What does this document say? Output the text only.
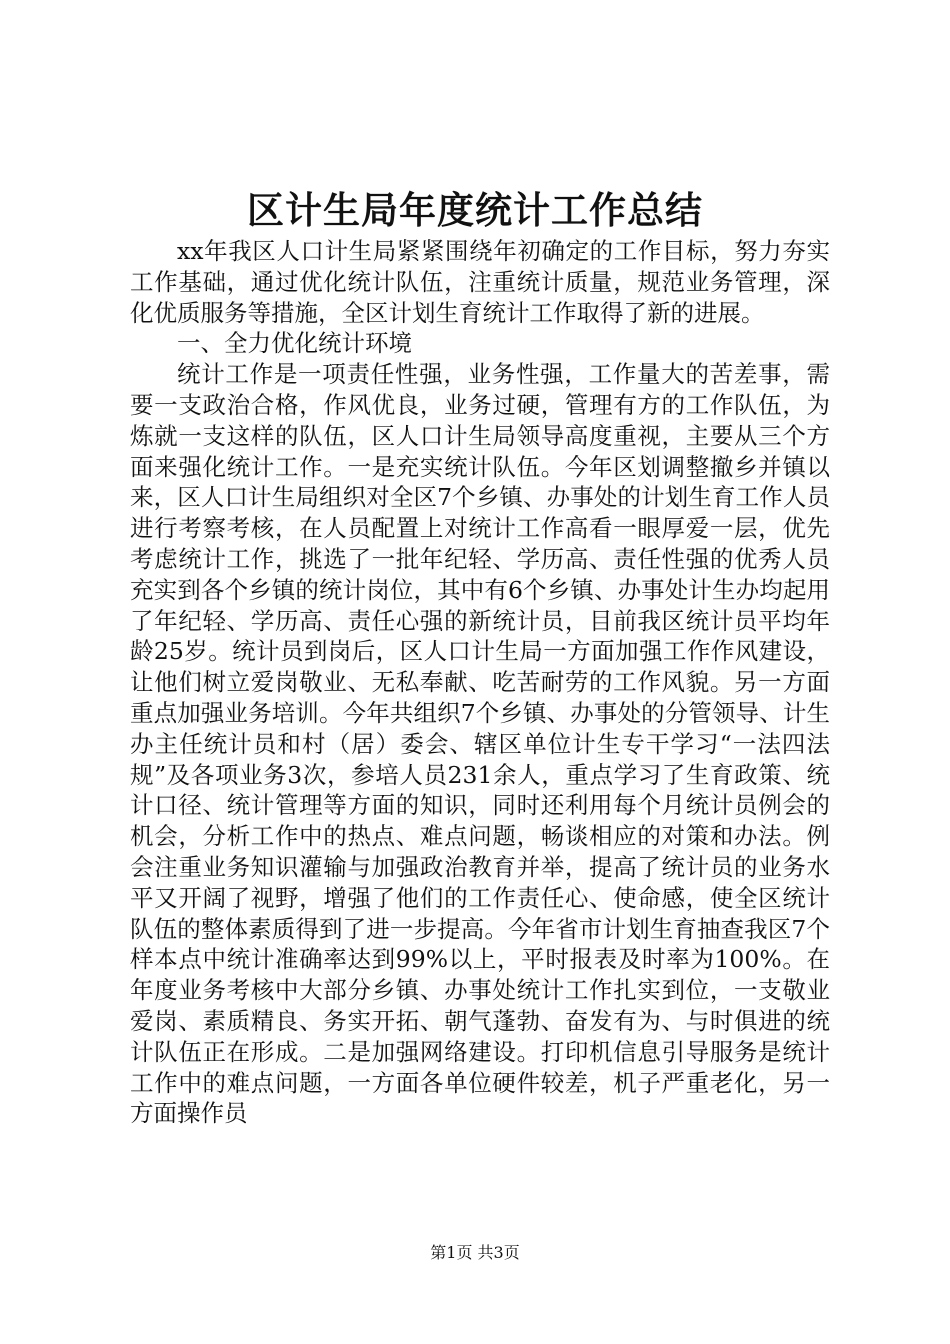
区计生局年度统计工作总结

xx年我区人口计生局紧紧围绕年初确定的工作目标，努力夯实工作基础，通过优化统计队伍，注重统计质量，规范业务管理，深化优质服务等措施，全区计划生育统计工作取得了新的进展。

一、全力优化统计环境

统计工作是一项责任性强，业务性强，工作量大的苦差事，需要一支政治合格，作风优良，业务过硬，管理有方的工作队伍，为炼就一支这样的队伍，区人口计生局领导高度重视，主要从三个方面来强化统计工作。一是充实统计队伍。今年区划调整撤乡并镇以来，区人口计生局组织对全区7个乡镇、办事处的计划生育工作人员进行考察考核，在人员配置上对统计工作高看一眼厚爱一层，优先考虑统计工作，挑选了一批年纪轻、学历高、责任性强的优秀人员充实到各个乡镇的统计岗位，其中有6个乡镇、办事处计生办均起用了年纪轻、学历高、责任心强的新统计员，目前我区统计员平均年龄25岁。统计员到岗后，区人口计生局一方面加强工作作风建设，让他们树立爱岗敬业、无私奉献、吃苦耐劳的工作风貌。另一方面重点加强业务培训。今年共组织7个乡镇、办事处的分管领导、计生办主任统计员和村（居）委会、辖区单位计生专干学习“一法四法规”及各项业务3次，参培人员231余人，重点学习了生育政策、统计口径、统计管理等方面的知识，同时还利用每个月统计员例会的机会，分析工作中的热点、难点问题，畅谈相应的对策和办法。例会注重业务知识灌输与加强政治教育并举，提高了统计员的业务水平又开阔了视野，增强了他们的工作责任心、使命感，使全区统计队伍的整体素质得到了进一步提高。今年省市计划生育抽查我区7个样本点中统计准确率达到99%以上，平时报表及时率为100%。在年度业务考核中大部分乡镇、办事处统计工作扎实到位，一支敬业爱岗、素质精良、务实开拓、朝气蓬勃、奋发有为、与时俱进的统计队伍正在形成。二是加强网络建设。打印机信息引导服务是统计工作中的难点问题，一方面各单位硬件较差，机子严重老化，另一方面操作员

第1页 共3页
